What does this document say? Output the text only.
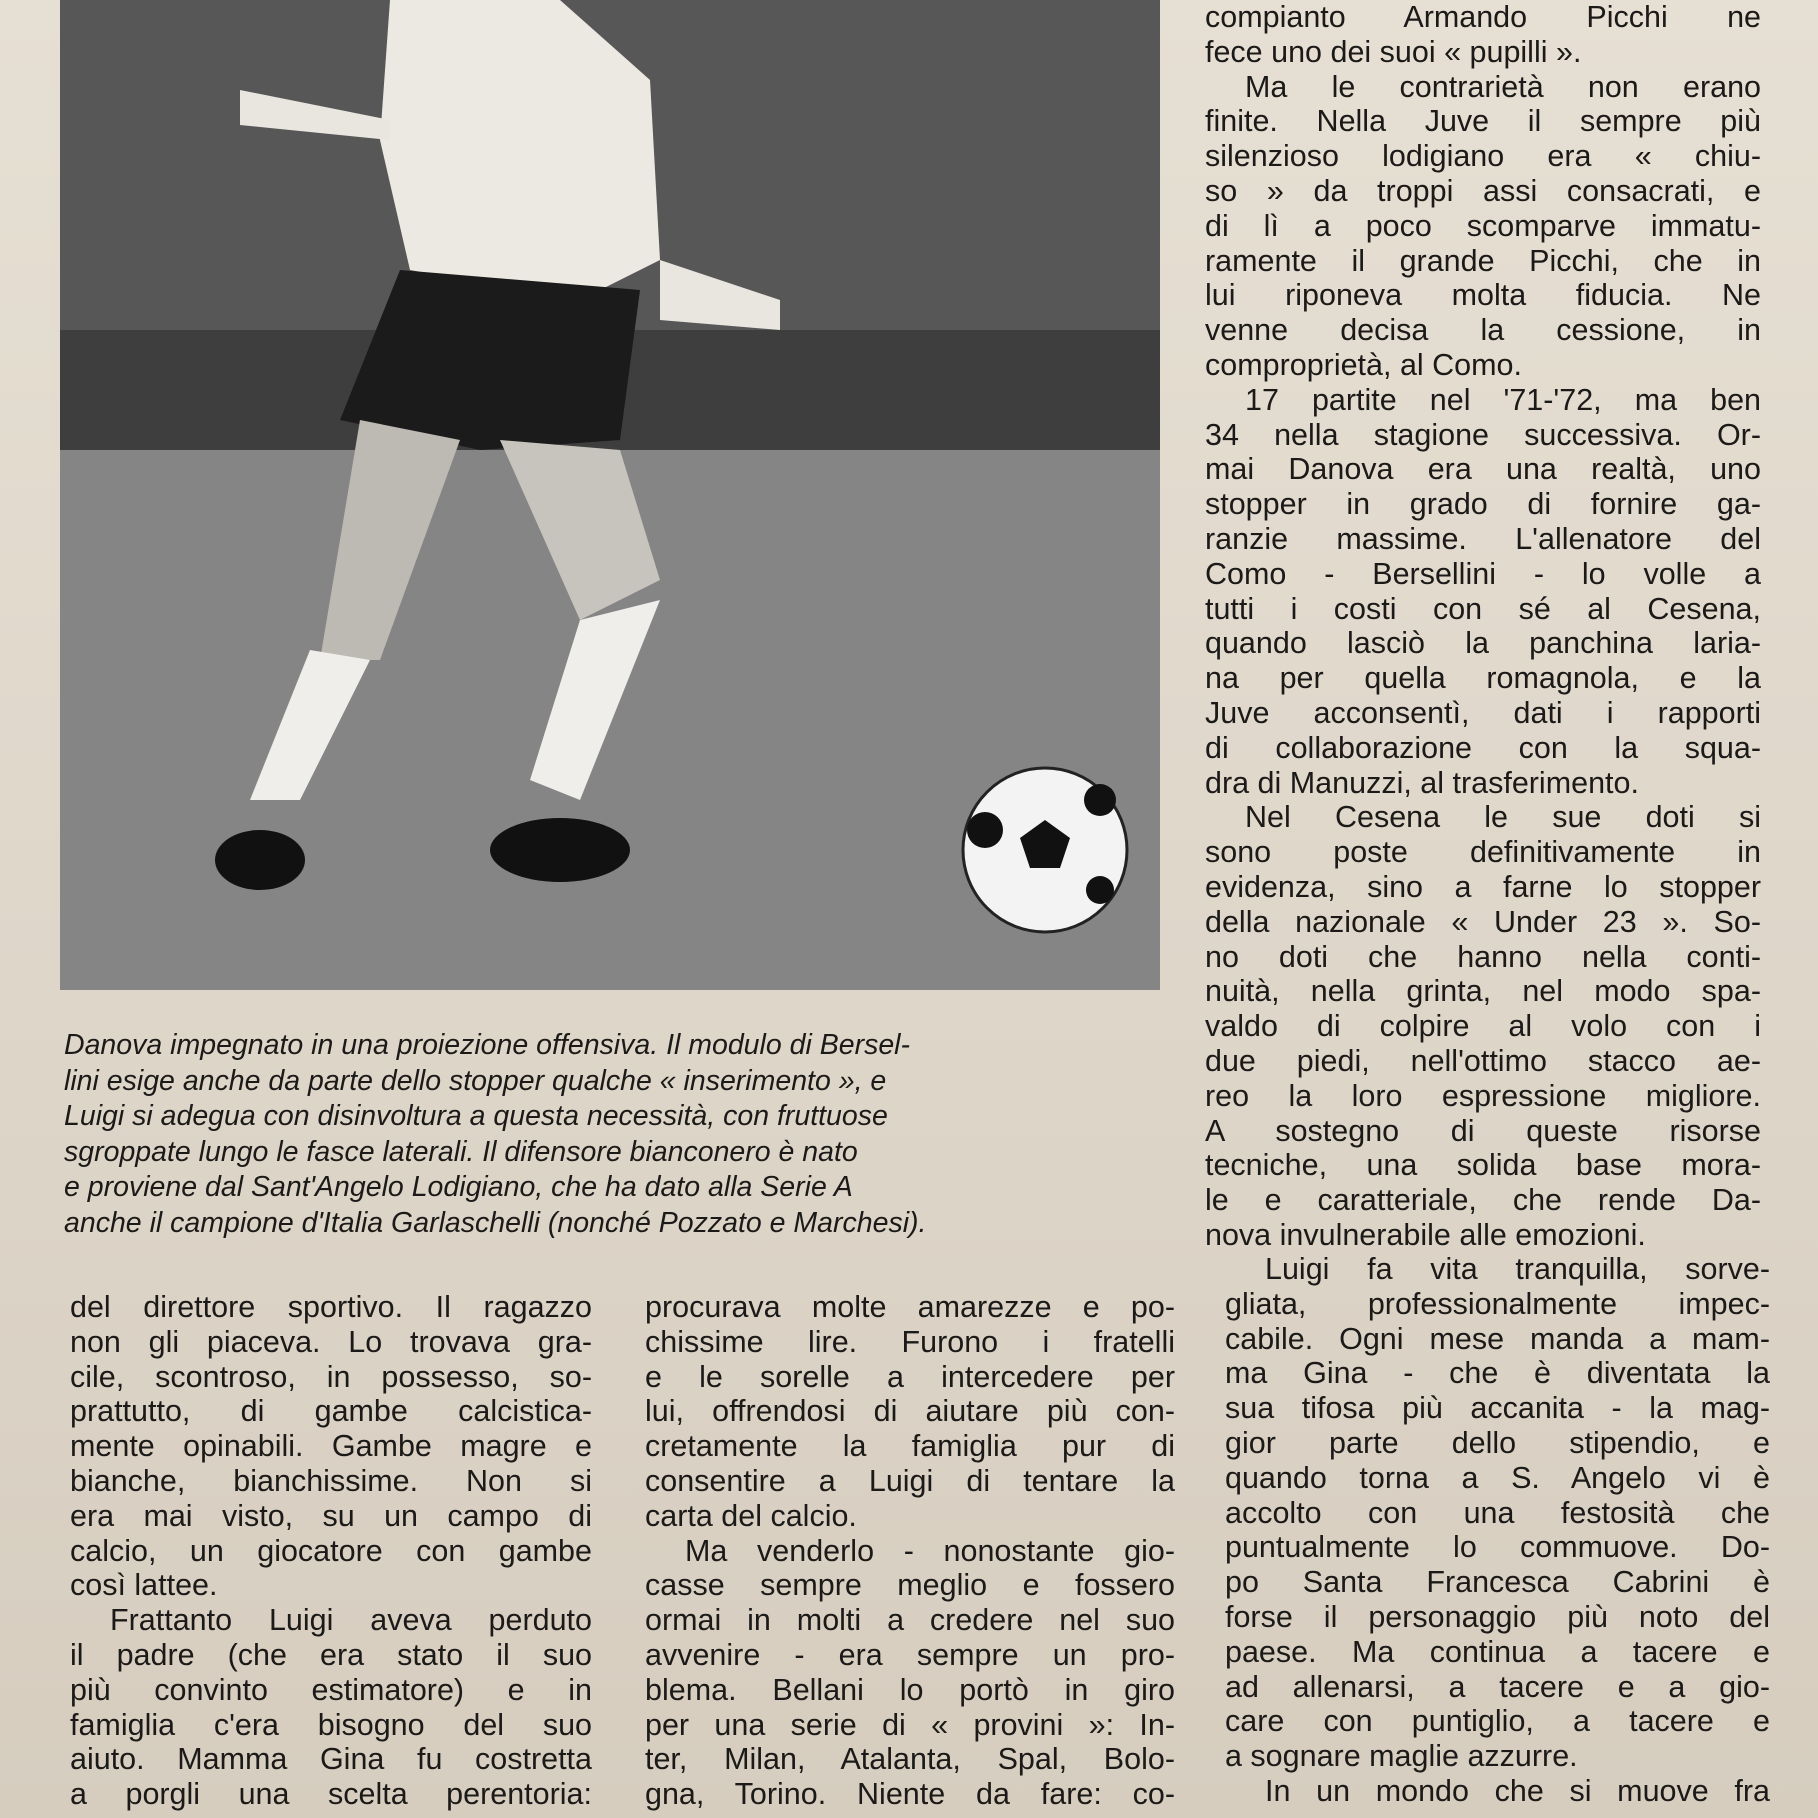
Danova impegnato in una proiezione offensiva. Il modulo di Bersel-
lini esige anche da parte dello stopper qualche « inserimento », e
Luigi si adegua con disinvoltura a questa necessità, con fruttuose
sgroppate lungo le fasce laterali. Il difensore bianconero è nato
e proviene dal Sant'Angelo Lodigiano, che ha dato alla Serie A
anche il campione d'Italia Garlaschelli (nonché Pozzato e Marchesi).
compianto Armando Picchi ne
fece uno dei suoi « pupilli ».
Ma le contrarietà non erano
finite. Nella Juve il sempre più
silenzioso lodigiano era « chiu-
so » da troppi assi consacrati, e
di lì a poco scomparve immatu-
ramente il grande Picchi, che in
lui riponeva molta fiducia. Ne
venne decisa la cessione, in
comproprietà, al Como.
17 partite nel '71-'72, ma ben
34 nella stagione successiva. Or-
mai Danova era una realtà, uno
stopper in grado di fornire ga-
ranzie massime. L'allenatore del
Como - Bersellini - lo volle a
tutti i costi con sé al Cesena,
quando lasciò la panchina laria-
na per quella romagnola, e la
Juve acconsentì, dati i rapporti
di collaborazione con la squa-
dra di Manuzzi, al trasferimento.
Nel Cesena le sue doti si
sono poste definitivamente in
evidenza, sino a farne lo stopper
della nazionale « Under 23 ». So-
no doti che hanno nella conti-
nuità, nella grinta, nel modo spa-
valdo di colpire al volo con i
due piedi, nell'ottimo stacco ae-
reo la loro espressione migliore.
A sostegno di queste risorse
tecniche, una solida base mora-
le e caratteriale, che rende Da-
nova invulnerabile alle emozioni.
Luigi fa vita tranquilla, sorve-
gliata, professionalmente impec-
cabile. Ogni mese manda a mam-
ma Gina - che è diventata la
sua tifosa più accanita - la mag-
gior parte dello stipendio, e
quando torna a S. Angelo vi è
accolto con una festosità che
puntualmente lo commuove. Do-
po Santa Francesca Cabrini è
forse il personaggio più noto del
paese. Ma continua a tacere e
ad allenarsi, a tacere e a gio-
care con puntiglio, a tacere e
a sognare maglie azzurre.
In un mondo che si muove fra
del direttore sportivo. Il ragazzo
non gli piaceva. Lo trovava gra-
cile, scontroso, in possesso, so-
prattutto, di gambe calcistica-
mente opinabili. Gambe magre e
bianche, bianchissime. Non si
era mai visto, su un campo di
calcio, un giocatore con gambe
così lattee.
Frattanto Luigi aveva perduto
il padre (che era stato il suo
più convinto estimatore) e in
famiglia c'era bisogno del suo
aiuto. Mamma Gina fu costretta
a porgli una scelta perentoria:
procurava molte amarezze e po-
chissime lire. Furono i fratelli
e le sorelle a intercedere per
lui, offrendosi di aiutare più con-
cretamente la famiglia pur di
consentire a Luigi di tentare la
carta del calcio.
Ma venderlo - nonostante gio-
casse sempre meglio e fossero
ormai in molti a credere nel suo
avvenire - era sempre un pro-
blema. Bellani lo portò in giro
per una serie di « provini »: In-
ter, Milan, Atalanta, Spal, Bolo-
gna, Torino. Niente da fare: co-
